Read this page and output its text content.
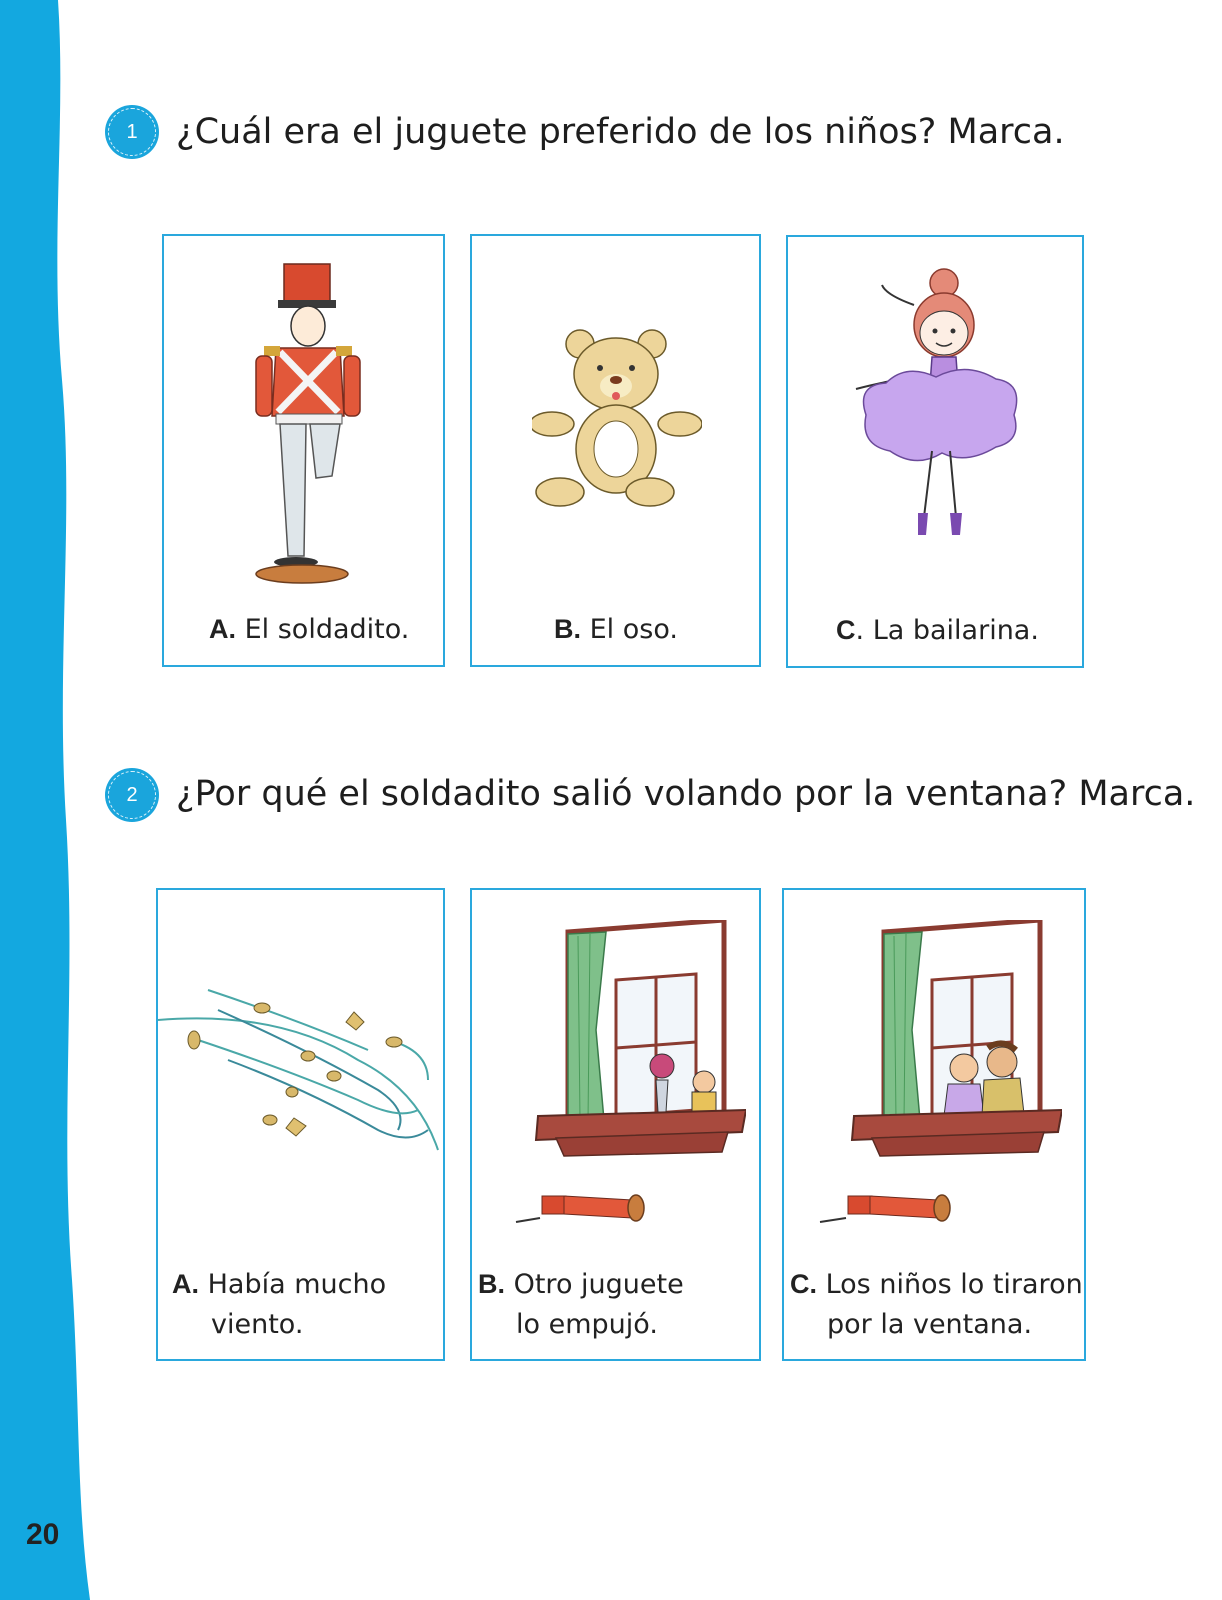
20
1 ¿Cuál era el juguete preferido de los niños? Marca.
A. El soldadito.	B. El oso.	C. La bailarina.
2 ¿Por qué el soldadito salió volando por la ventana? Marca.
A. Había mucho
viento.
B. Otro juguete
lo empujó.
C. Los niños lo tiraron
por la ventana.
